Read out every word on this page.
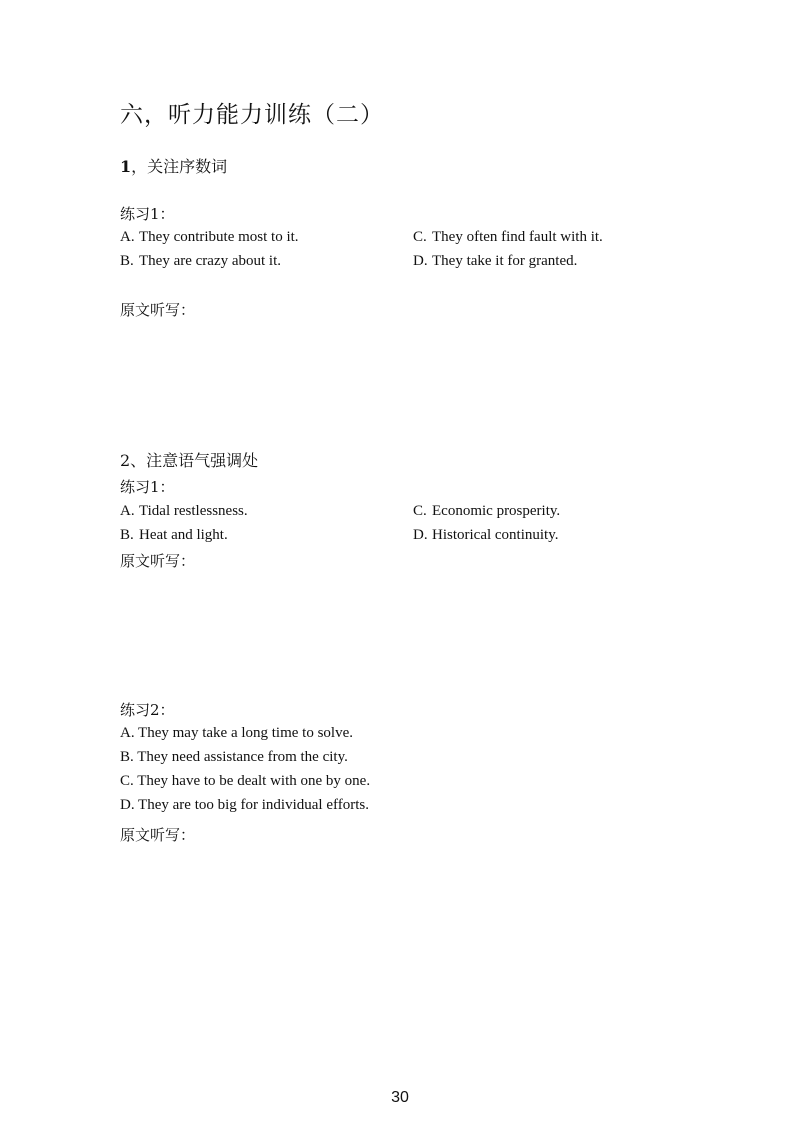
六，听力能力训练（二）
1，关注序数词
练习1：
A. They contribute most to it.
B. They are crazy about it.
C. They often find fault with it.
D. They take it for granted.
原文听写：
2、注意语气强调处
练习1：
A. Tidal restlessness.
B. Heat and light.
C. Economic prosperity.
D. Historical continuity.
原文听写：
练习2：
A. They may take a long time to solve.
B. They need assistance from the city.
C. They have to be dealt with one by one.
D. They are too big for individual efforts.
原文听写：
30
